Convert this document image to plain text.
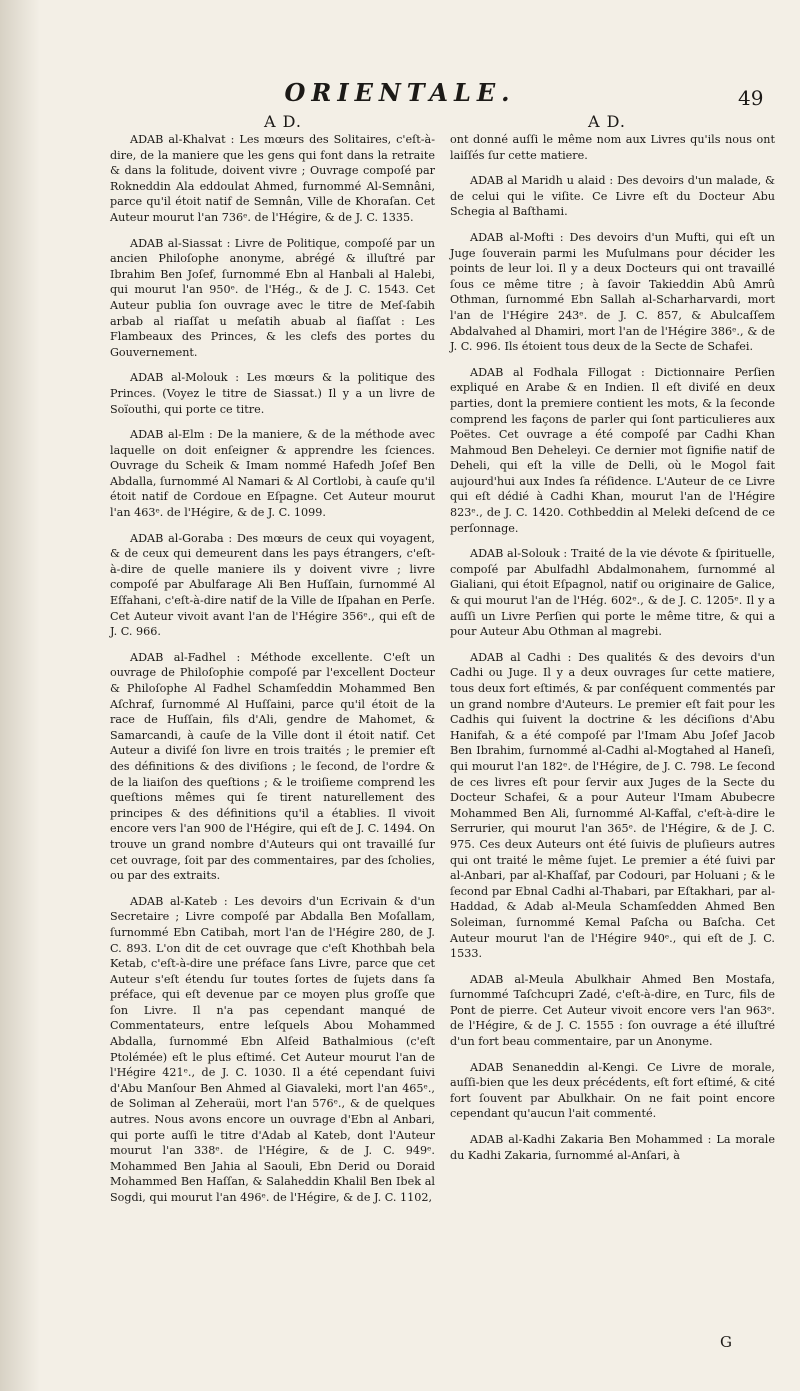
ORIENTALE.	49
A D.	A D.

ADAB al-Khalvat : Les mœurs des Solitaires, c'eſt-à-dire, de la maniere que les gens qui font dans la retraite & dans la folitude, doivent vivre ; Ouvrage compoſé par Rokneddin Ala eddoulat Ahmed, furnommé Al-Semnâni, parce qu'il étoit natif de Semnân, Ville de Khoraſan. Cet Auteur mourut l'an 736ᵉ. de l'Hégire, & de J. C. 1335.

ADAB al-Siassat : Livre de Politique, compoſé par un ancien Philoſophe anonyme, abrégé & illuſtré par Ibrahim Ben Joſef, ſurnommé Ebn al Hanbali al Halebi, qui mourut l'an 950ᵉ. de l'Hég., & de J. C. 1543. Cet Auteur publia ſon ouvrage avec le titre de Meſ-ſabih arbab al riaſſat u meſatih abuab al ſiaſſat : Les Flambeaux des Princes, & les clefs des portes du Gouvernement.

ADAB al-Molouk : Les mœurs & la politique des Princes. (Voyez le titre de Siassat.) Il y a un livre de Soïouthi, qui porte ce titre.

ADAB al-Elm : De la maniere, & de la méthode avec laquelle on doit enſeigner & apprendre les ſciences. Ouvrage du Scheik & Imam nommé Hafedh Joſef Ben Abdalla, ſurnommé Al Namari & Al Cortlobi, à cauſe qu'il étoit natif de Cordoue en Eſpagne. Cet Auteur mourut l'an 463ᵉ. de l'Hégire, & de J. C. 1099.

ADAB al-Goraba : Des mœurs de ceux qui voyagent, & de ceux qui demeurent dans les pays étrangers, c'eſt-à-dire de quelle maniere ils y doivent vivre ; livre compoſé par Abulfarage Ali Ben Huſſain, ſurnommé Al Eſfahani, c'eſt-à-dire natif de la Ville de Iſpahan en Perſe. Cet Auteur vivoit avant l'an de l'Hégire 356ᵉ., qui eſt de J. C. 966.

ADAB al-Fadhel : Méthode excellente. C'eſt un ouvrage de Philoſophie compoſé par l'excellent Docteur & Philoſophe Al Fadhel Schamſeddin Mohammed Ben Aſchraf, ſurnommé Al Huſſaini, parce qu'il étoit de la race de Huſſain, fils d'Ali, gendre de Mahomet, & Samarcandi, à cauſe de la Ville dont il étoit natif. Cet Auteur a diviſé ſon livre en trois traités ; le premier eſt des définitions & des diviſions ; le ſecond, de l'ordre & de la liaiſon des queſtions ; & le troiſieme comprend les queſtions mêmes qui ſe tirent naturellement des principes & des définitions qu'il a établies. Il vivoit encore vers l'an 900 de l'Hégire, qui eſt de J. C. 1494. On trouve un grand nombre d'Auteurs qui ont travaillé ſur cet ouvrage, ſoit par des commentaires, par des ſcholies, ou par des extraits.

ADAB al-Kateb : Les devoirs d'un Ecrivain & d'un Secretaire ; Livre compoſé par Abdalla Ben Moſallam, ſurnommé Ebn Catibah, mort l'an de l'Hégire 280, de J. C. 893. L'on dit de cet ouvrage que c'eſt Khothbah bela Ketab, c'eſt-à-dire une préface ſans Livre, parce que cet Auteur s'eſt étendu ſur toutes ſortes de ſujets dans ſa préface, qui eſt devenue par ce moyen plus groſſe que ſon Livre. Il n'a pas cependant manqué de Commentateurs, entre leſquels Abou Mohammed Abdalla, ſurnommé Ebn Alſeid Bathalmious (c'eſt Ptolémée) eſt le plus eſtimé. Cet Auteur mourut l'an de l'Hégire 421ᵉ., de J. C. 1030. Il a été cependant ſuivi d'Abu Manſour Ben Ahmed al Giavaleki, mort l'an 465ᵉ., de Soliman al Zeheraüi, mort l'an 576ᵉ., & de quelques autres. Nous avons encore un ouvrage d'Ebn al Anbari, qui porte auſſi le titre d'Adab al Kateb, dont l'Auteur mourut l'an 338ᵉ. de l'Hégire, & de J. C. 949ᵉ. Mohammed Ben Jahia al Saouli, Ebn Derid ou Doraid Mohammed Ben Haſſan, & Salaheddin Khalil Ben Ibek al Sogdi, qui mourut l'an 496ᵉ. de l'Hégire, & de J. C. 1102,

ont donné auſſi le même nom aux Livres qu'ils nous ont laiſſés ſur cette matiere.

ADAB al Maridh u alaid : Des devoirs d'un malade, & de celui qui le viſite. Ce Livre eſt du Docteur Abu Schegia al Baſthami.

ADAB al-Mofti : Des devoirs d'un Mufti, qui eſt un Juge ſouverain parmi les Muſulmans pour décider les points de leur loi. Il y a deux Docteurs qui ont travaillé ſous ce même titre ; à ſavoir Takieddin Abû Amrû Othman, ſurnommé Ebn Sallah al-Scharharvardi, mort l'an de l'Hégire 243ᵉ. de J. C. 857, & Abulcaſſem Abdalvahed al Dhamiri, mort l'an de l'Hégire 386ᵉ., & de J. C. 996. Ils étoient tous deux de la Secte de Schafei.

ADAB al Fodhala Fillogat : Dictionnaire Perſien expliqué en Arabe & en Indien. Il eſt diviſé en deux parties, dont la premiere contient les mots, & la ſeconde comprend les façons de parler qui ſont particulieres aux Poëtes. Cet ouvrage a été compoſé par Cadhi Khan Mahmoud Ben Deheleyi. Ce dernier mot ſignifie natif de Deheli, qui eſt la ville de Delli, où le Mogol fait aujourd'hui aux Indes ſa réſidence. L'Auteur de ce Livre qui eſt dédié à Cadhi Khan, mourut l'an de l'Hégire 823ᵉ., de J. C. 1420. Cothbeddin al Meleki deſcend de ce perſonnage.

ADAB al-Solouk : Traité de la vie dévote & ſpirituelle, compoſé par Abulfadhl Abdalmonahem, ſurnommé al Gialiani, qui étoit Eſpagnol, natif ou originaire de Galice, & qui mourut l'an de l'Hég. 602ᵉ., & de J. C. 1205ᵉ. Il y a auſſi un Livre Perſien qui porte le même titre, & qui a pour Auteur Abu Othman al magrebi.

ADAB al Cadhi : Des qualités & des devoirs d'un Cadhi ou Juge. Il y a deux ouvrages ſur cette matiere, tous deux fort eſtimés, & par conſéquent commentés par un grand nombre d'Auteurs. Le premier eſt fait pour les Cadhis qui ſuivent la doctrine & les déciſions d'Abu Hanifah, & a été compoſé par l'Imam Abu Joſef Jacob Ben Ibrahim, ſurnommé al-Cadhi al-Mogtahed al Haneſi, qui mourut l'an 182ᵉ. de l'Hégire, de J. C. 798. Le ſecond de ces livres eſt pour ſervir aux Juges de la Secte du Docteur Schafei, & a pour Auteur l'Imam Abubecre Mohammed Ben Ali, ſurnommé Al-Kaffal, c'eſt-à-dire le Serrurier, qui mourut l'an 365ᵉ. de l'Hégire, & de J. C. 975. Ces deux Auteurs ont été ſuivis de pluſieurs autres qui ont traité le même ſujet. Le premier a été ſuivi par al-Anbari, par al-Khaſſaf, par Codouri, par Holuani ; & le ſecond par Ebnal Cadhi al-Thabari, par Eſtakhari, par al-Haddad, & Adab al-Meula Schamſedden Ahmed Ben Soleiman, ſurnommé Kemal Paſcha ou Baſcha. Cet Auteur mourut l'an de l'Hégire 940ᵉ., qui eſt de J. C. 1533.

ADAB al-Meula Abulkhair Ahmed Ben Mostafa, ſurnommé Taſchcupri Zadé, c'eſt-à-dire, en Turc, fils de Pont de pierre. Cet Auteur vivoit encore vers l'an 963ᵉ. de l'Hégire, & de J. C. 1555 : ſon ouvrage a été illuſtré d'un fort beau commentaire, par un Anonyme.

ADAB Senaneddin al-Kengi. Ce Livre de morale, auſſi-bien que les deux précédents, eſt fort eſtimé, & cité fort ſouvent par Abulkhair. On ne fait point encore cependant qu'aucun l'ait commenté.

ADAB al-Kadhi Zakaria Ben Mohammed : La morale du Kadhi Zakaria, ſurnommé al-Anſari, à

G
